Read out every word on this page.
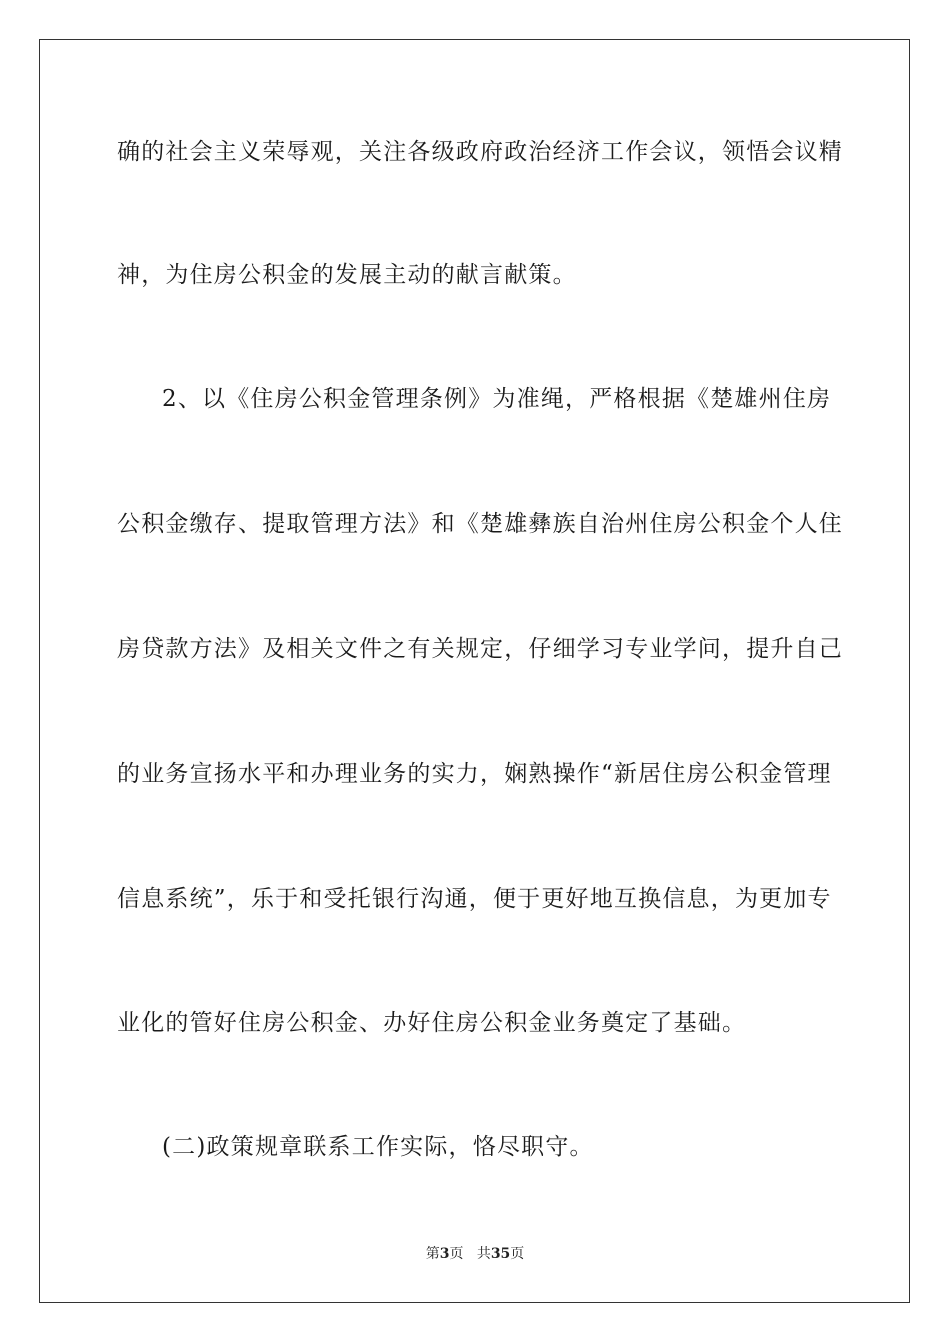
确的社会主义荣辱观，关注各级政府政治经济工作会议，领悟会议精
神，为住房公积金的发展主动的献言献策。
2、以《住房公积金管理条例》为准绳，严格根据《楚雄州住房
公积金缴存、提取管理方法》和《楚雄彝族自治州住房公积金个人住
房贷款方法》及相关文件之有关规定，仔细学习专业学问，提升自己
的业务宣扬水平和办理业务的实力，娴熟操作“新居住房公积金管理
信息系统”，乐于和受托银行沟通，便于更好地互换信息，为更加专
业化的管好住房公积金、办好住房公积金业务奠定了基础。
(二)政策规章联系工作实际，恪尽职守。
第3页 共35页
